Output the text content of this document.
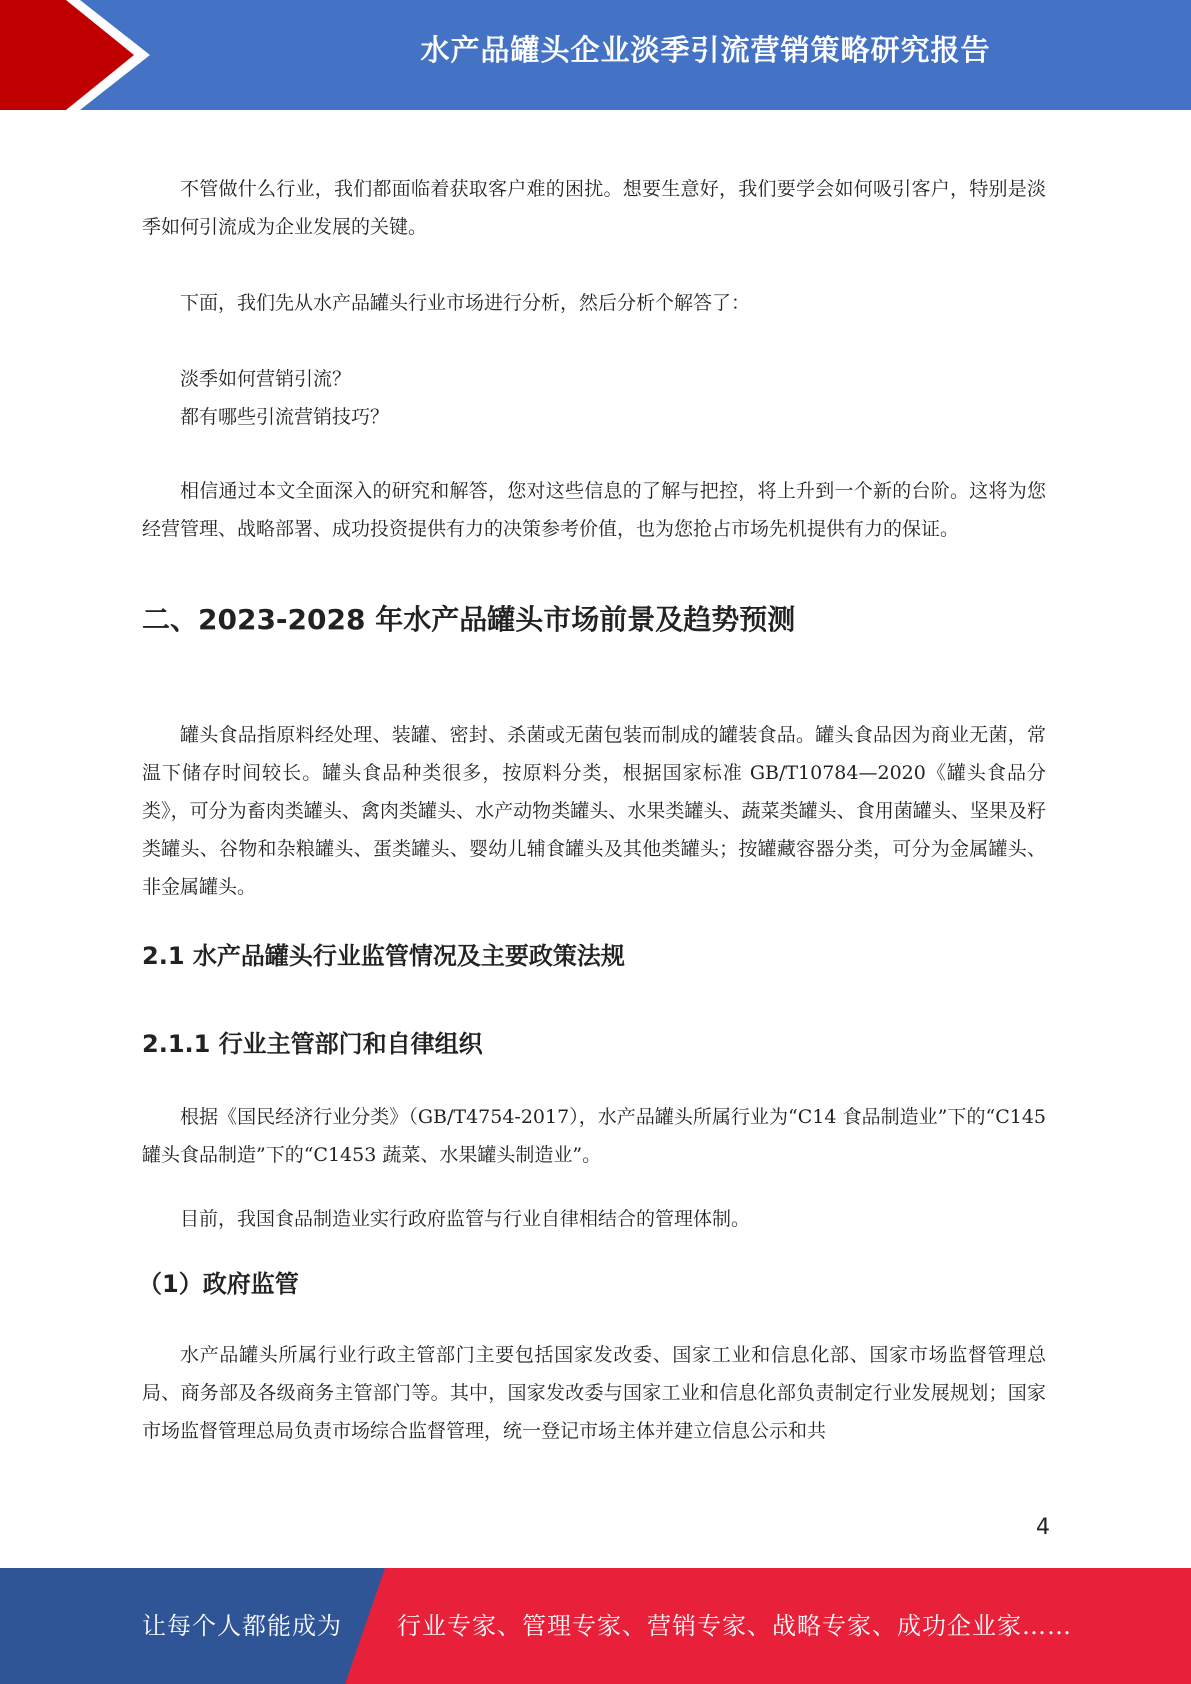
水产品罐头企业淡季引流营销策略研究报告

不管做什么行业，我们都面临着获取客户难的困扰。想要生意好，我们要学会如何吸引客户，特别是淡季如何引流成为企业发展的关键。

下面，我们先从水产品罐头行业市场进行分析，然后分析个解答了：

淡季如何营销引流？

都有哪些引流营销技巧？

相信通过本文全面深入的研究和解答，您对这些信息的了解与把控，将上升到一个新的台阶。这将为您经营管理、战略部署、成功投资提供有力的决策参考价值，也为您抢占市场先机提供有力的保证。

二、2023-2028 年水产品罐头市场前景及趋势预测

罐头食品指原料经处理、装罐、密封、杀菌或无菌包装而制成的罐装食品。罐头食品因为商业无菌，常温下储存时间较长。罐头食品种类很多，按原料分类，根据国家标准 GB/T10784—2020《罐头食品分类》，可分为畜肉类罐头、禽肉类罐头、水产动物类罐头、水果类罐头、蔬菜类罐头、食用菌罐头、坚果及籽类罐头、谷物和杂粮罐头、蛋类罐头、婴幼儿辅食罐头及其他类罐头；按罐藏容器分类，可分为金属罐头、非金属罐头。

2.1 水产品罐头行业监管情况及主要政策法规
2.1.1 行业主管部门和自律组织

根据《国民经济行业分类》（GB/T4754-2017），水产品罐头所属行业为“C14 食品制造业”下的“C145 罐头食品制造”下的“C1453 蔬菜、水果罐头制造业”。

目前，我国食品制造业实行政府监管与行业自律相结合的管理体制。

（1）政府监管

水产品罐头所属行业行政主管部门主要包括国家发改委、国家工业和信息化部、国家市场监督管理总局、商务部及各级商务主管部门等。其中，国家发改委与国家工业和信息化部负责制定行业发展规划；国家市场监督管理总局负责市场综合监督管理，统一登记市场主体并建立信息公示和共

4
让每个人都能成为 行业专家、管理专家、营销专家、战略专家、成功企业家……
